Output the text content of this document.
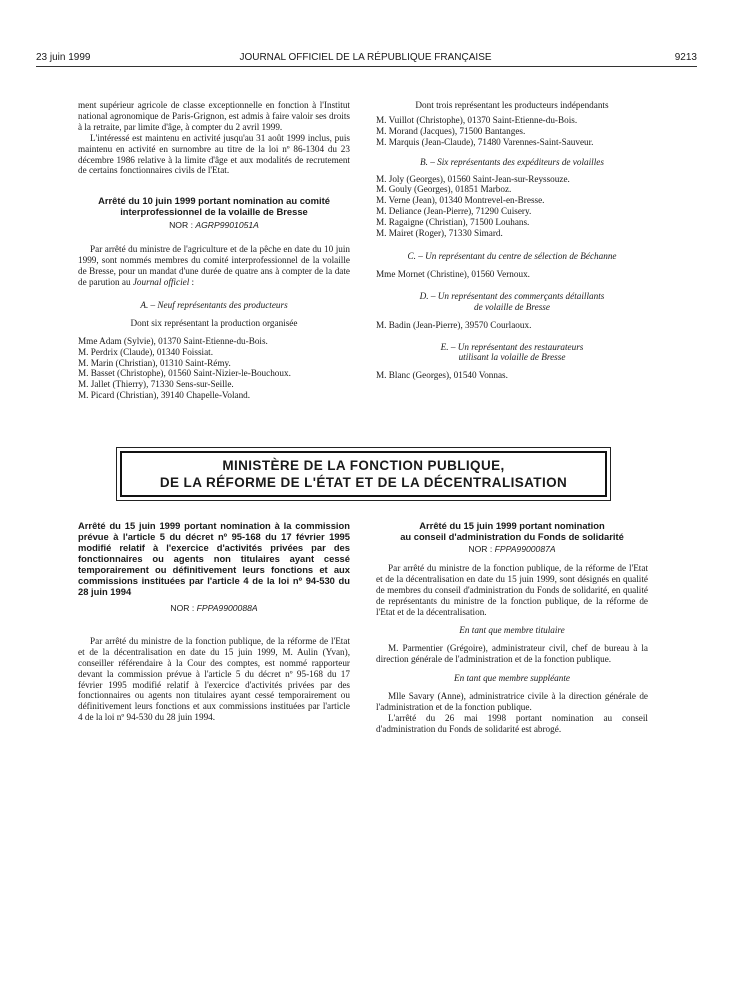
23 juin 1999	JOURNAL OFFICIEL DE LA RÉPUBLIQUE FRANÇAISE	9213

ment supérieur agricole de classe exceptionnelle en fonction à l'Institut national agronomique de Paris-Grignon, est admis à faire valoir ses droits à la retraite, par limite d'âge, à compter du 2 avril 1999.

L'intéressé est maintenu en activité jusqu'au 31 août 1999 inclus, puis maintenu en activité en surnombre au titre de la loi nº 86-1304 du 23 décembre 1986 relative à la limite d'âge et aux modalités de recrutement de certains fonctionnaires civils de l'Etat.

Arrêté du 10 juin 1999 portant nomination au comité interprofessionnel de la volaille de Bresse

NOR : AGRP9901051A

Par arrêté du ministre de l'agriculture et de la pêche en date du 10 juin 1999, sont nommés membres du comité interprofessionnel de la volaille de Bresse, pour un mandat d'une durée de quatre ans à compter de la date de parution au Journal officiel :

A. – Neuf représentants des producteurs

Dont six représentant la production organisée

Mme Adam (Sylvie), 01370 Saint-Etienne-du-Bois.

M. Perdrix (Claude), 01340 Foissiat.

M. Marin (Christian), 01310 Saint-Rémy.

M. Basset (Christophe), 01560 Saint-Nizier-le-Bouchoux.

M. Jallet (Thierry), 71330 Sens-sur-Seille.

M. Picard (Christian), 39140 Chapelle-Voland.

Dont trois représentant les producteurs indépendants

M. Vuillot (Christophe), 01370 Saint-Etienne-du-Bois.

M. Morand (Jacques), 71500 Bantanges.

M. Marquis (Jean-Claude), 71480 Varennes-Saint-Sauveur.

B. – Six représentants des expéditeurs de volailles

M. Joly (Georges), 01560 Saint-Jean-sur-Reyssouze.

M. Gouly (Georges), 01851 Marboz.

M. Verne (Jean), 01340 Montrevel-en-Bresse.

M. Deliance (Jean-Pierre), 71290 Cuisery.

M. Ragaigne (Christian), 71500 Louhans.

M. Mairet (Roger), 71330 Simard.

C. – Un représentant du centre de sélection de Béchanne

Mme Mornet (Christine), 01560 Vernoux.

D. – Un représentant des commerçants détaillants

de volaille de Bresse

M. Badin (Jean-Pierre), 39570 Courlaoux.

E. – Un représentant des restaurateurs

utilisant la volaille de Bresse

M. Blanc (Georges), 01540 Vonnas.

MINISTÈRE DE LA FONCTION PUBLIQUE,
DE LA RÉFORME DE L'ÉTAT ET DE LA DÉCENTRALISATION

Arrêté du 15 juin 1999 portant nomination à la commission prévue à l'article 5 du décret nº 95-168 du 17 février 1995 modifié relatif à l'exercice d'activités privées par des fonctionnaires ou agents non titulaires ayant cessé temporairement ou définitivement leurs fonctions et aux commissions instituées par l'article 4 de la loi nº 94-530 du 28 juin 1994

NOR : FPPA9900088A

Par arrêté du ministre de la fonction publique, de la réforme de l'Etat et de la décentralisation en date du 15 juin 1999, M. Aulin (Yvan), conseiller référendaire à la Cour des comptes, est nommé rapporteur devant la commission prévue à l'article 5 du décret nº 95-168 du 17 février 1995 modifié relatif à l'exercice d'activités privées par des fonctionnaires ou agents non titulaires ayant cessé temporairement ou définitivement leurs fonctions et aux commissions instituées par l'article 4 de la loi nº 94-530 du 28 juin 1994.

Arrêté du 15 juin 1999 portant nomination

au conseil d'administration du Fonds de solidarité

NOR : FPPA9900087A

Par arrêté du ministre de la fonction publique, de la réforme de l'Etat et de la décentralisation en date du 15 juin 1999, sont désignés en qualité de membres du conseil d'administration du Fonds de solidarité, en qualité de représentants du ministre de la fonction publique, de la réforme de l'Etat et de la décentralisation.

En tant que membre titulaire

M. Parmentier (Grégoire), administrateur civil, chef de bureau à la direction générale de l'administration et de la fonction publique.

En tant que membre suppléante

Mlle Savary (Anne), administratrice civile à la direction générale de l'administration et de la fonction publique.

L'arrêté du 26 mai 1998 portant nomination au conseil d'administration du Fonds de solidarité est abrogé.
